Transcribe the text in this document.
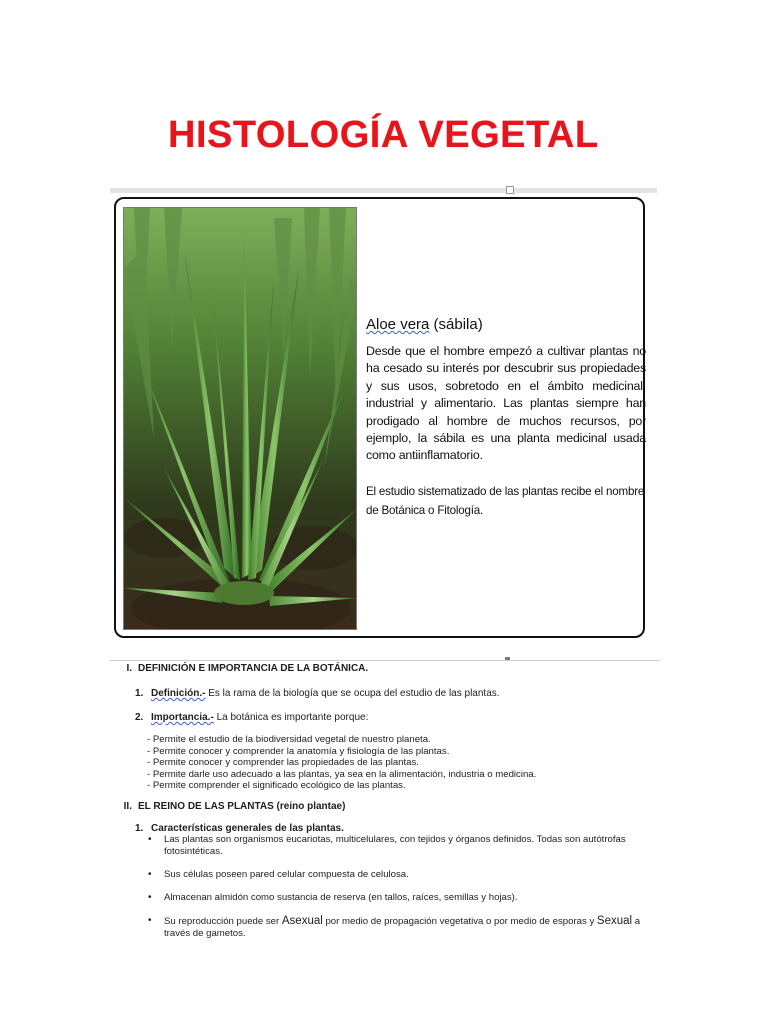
HISTOLOGÍA VEGETAL

Aloe vera (sábila)

Desde que el hombre empezó a cultivar plantas no ha cesado su interés por descubrir sus propiedades y sus usos, sobretodo en el ámbito medicinal, industrial y alimentario. Las plantas siempre han prodigado al hombre de muchos recursos, por ejemplo, la sábila es una planta medicinal usada como antiinflamatorio.

El estudio sistematizado de las plantas recibe el nombre de Botánica o Fitología.

I. DEFINICIÓN E IMPORTANCIA DE LA BOTÁNICA.

1. Definición.- Es la rama de la biología que se ocupa del estudio de las plantas.

2. Importancia.- La botánica es importante porque:

- Permite el estudio de la biodiversidad vegetal de nuestro planeta.
- Permite conocer y comprender la anatomía y fisiología de las plantas.
- Permite conocer y comprender las propiedades de las plantas.
- Permite darle uso adecuado a las plantas, ya sea en la alimentación, industria o medicina.
- Permite comprender el significado ecológico de las plantas.

II. EL REINO DE LAS PLANTAS (reino plantae)

1. Características generales de las plantas.

• Las plantas son organismos eucariotas, multicelulares, con tejidos y órganos definidos. Todas son autótrofas fotosintéticas.
• Sus células poseen pared celular compuesta de celulosa.
• Almacenan almidón como sustancia de reserva (en tallos, raíces, semillas y hojas).
• Su reproducción puede ser Asexual por medio de propagación vegetativa o por medio de esporas y Sexual a través de gametos.
